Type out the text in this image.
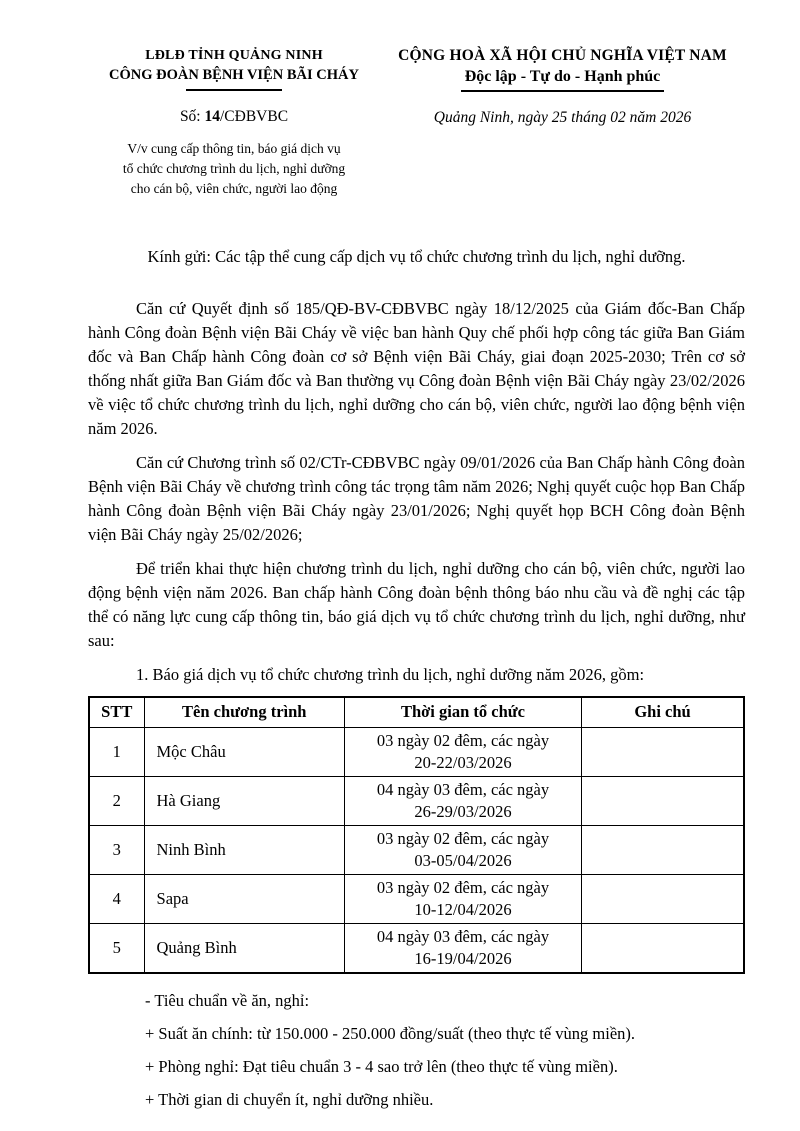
LĐLĐ TỈNH QUẢNG NINH
CÔNG ĐOÀN BỆNH VIỆN BÃI CHÁY
Số: 14/CĐBVBC
V/v cung cấp thông tin, báo giá dịch vụ
tổ chức chương trình du lịch, nghỉ dưỡng
cho cán bộ, viên chức, người lao động
CỘNG HOÀ XÃ HỘI CHỦ NGHĨA VIỆT NAM
Độc lập - Tự do - Hạnh phúc
Quảng Ninh, ngày 25 tháng 02 năm 2026
Kính gửi: Các tập thể cung cấp dịch vụ tổ chức chương trình du lịch, nghỉ dưỡng.

Căn cứ Quyết định số 185/QĐ-BV-CĐBVBC ngày 18/12/2025 của Giám đốc-Ban Chấp hành Công đoàn Bệnh viện Bãi Cháy về việc ban hành Quy chế phối hợp công tác giữa Ban Giám đốc và Ban Chấp hành Công đoàn cơ sở Bệnh viện Bãi Cháy, giai đoạn 2025-2030; Trên cơ sở thống nhất giữa Ban Giám đốc và Ban thường vụ Công đoàn Bệnh viện Bãi Cháy ngày 23/02/2026 về việc tổ chức chương trình du lịch, nghỉ dưỡng cho cán bộ, viên chức, người lao động bệnh viện năm 2026.

Căn cứ Chương trình số 02/CTr-CĐBVBC ngày 09/01/2026 của Ban Chấp hành Công đoàn Bệnh viện Bãi Cháy về chương trình công tác trọng tâm năm 2026; Nghị quyết cuộc họp Ban Chấp hành Công đoàn Bệnh viện Bãi Cháy ngày 23/01/2026; Nghị quyết họp BCH Công đoàn Bệnh viện Bãi Cháy ngày 25/02/2026;

Để triển khai thực hiện chương trình du lịch, nghỉ dưỡng cho cán bộ, viên chức, người lao động bệnh viện năm 2026. Ban chấp hành Công đoàn bệnh thông báo nhu cầu và đề nghị các tập thể có năng lực cung cấp thông tin, báo giá dịch vụ tổ chức chương trình du lịch, nghỉ dưỡng, như sau:

1. Báo giá dịch vụ tổ chức chương trình du lịch, nghỉ dưỡng năm 2026, gồm:
STT	Tên chương trình	Thời gian tổ chức	Ghi chú
1	Mộc Châu	03 ngày 02 đêm, các ngày
20-22/03/2026	

2	Hà Giang	04 ngày 03 đêm, các ngày
26-29/03/2026	

3	Ninh Bình	03 ngày 02 đêm, các ngày
03-05/04/2026	

4	Sapa	03 ngày 02 đêm, các ngày
10-12/04/2026	

5	Quảng Bình	04 ngày 03 đêm, các ngày
16-19/04/2026	

- Tiêu chuẩn về ăn, nghỉ:
+ Suất ăn chính: từ 150.000 - 250.000 đồng/suất (theo thực tế vùng miền).
+ Phòng nghỉ: Đạt tiêu chuẩn 3 - 4 sao trở lên (theo thực tế vùng miền).
+ Thời gian di chuyển ít, nghỉ dưỡng nhiều.
